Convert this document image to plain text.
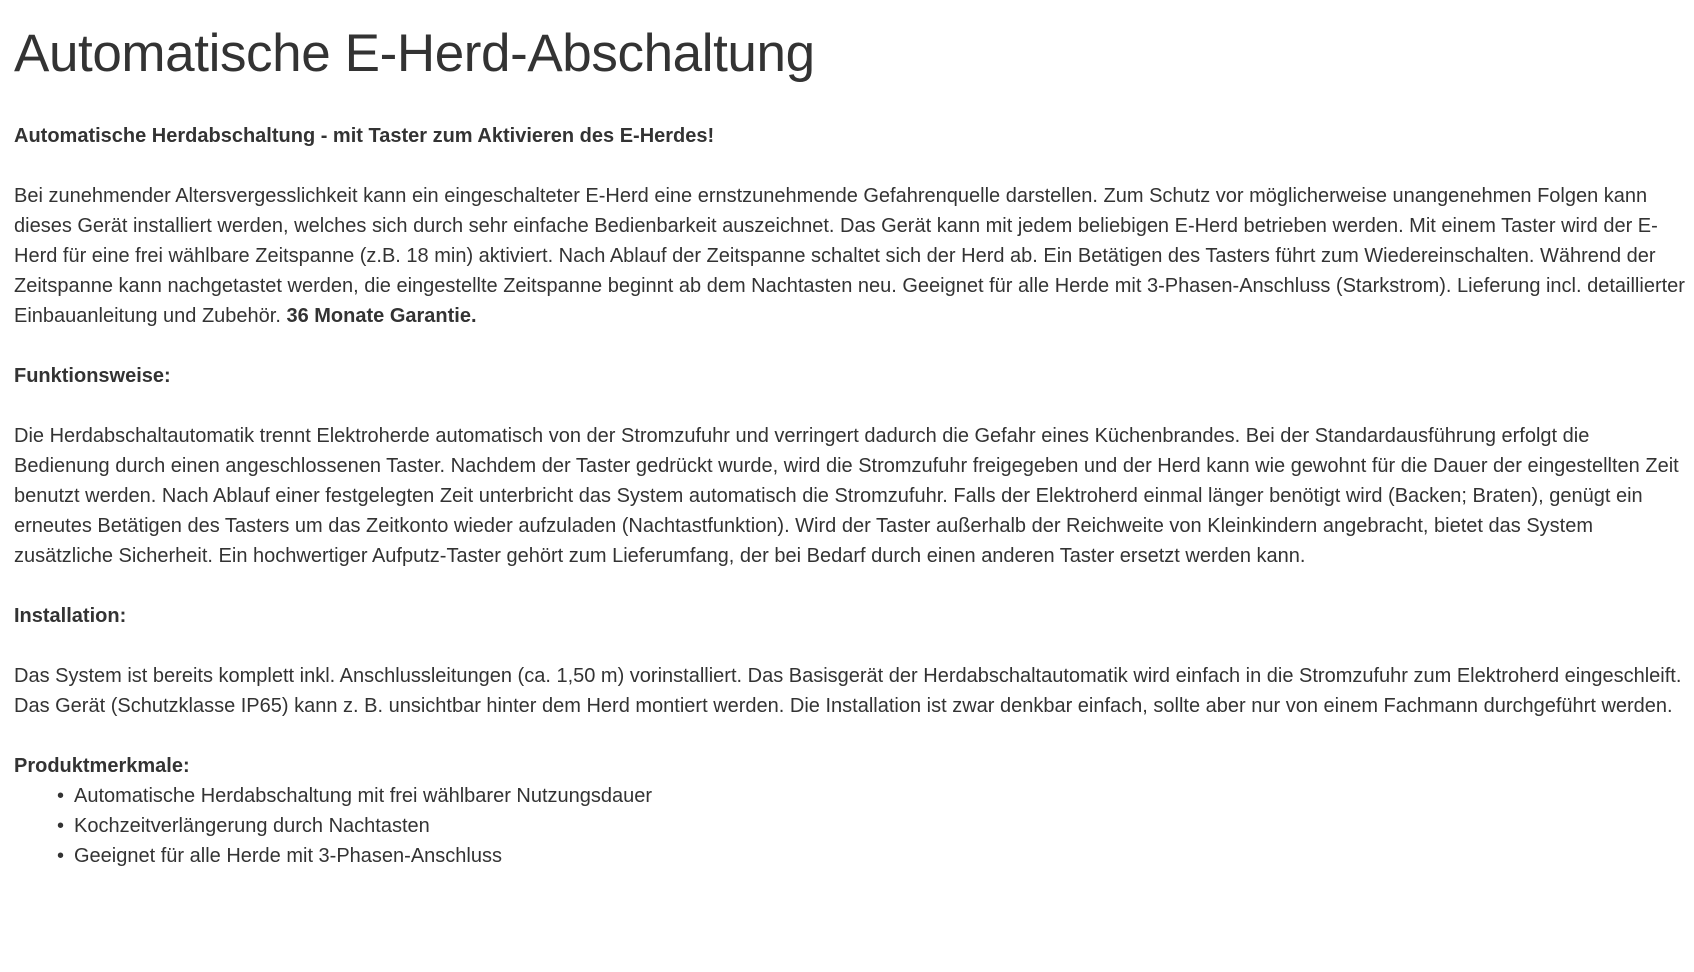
Automatische E-Herd-Abschaltung

Automatische Herdabschaltung - mit Taster zum Aktivieren des E-Herdes!

Bei zunehmender Altersvergesslichkeit kann ein eingeschalteter E-Herd eine ernstzunehmende Gefahrenquelle darstellen. Zum Schutz vor möglicherweise unangenehmen Folgen kann dieses Gerät installiert werden, welches sich durch sehr einfache Bedienbarkeit auszeichnet. Das Gerät kann mit jedem beliebigen E-Herd betrieben werden. Mit einem Taster wird der E-Herd für eine frei wählbare Zeitspanne (z.B. 18 min) aktiviert. Nach Ablauf der Zeitspanne schaltet sich der Herd ab. Ein Betätigen des Tasters führt zum Wiedereinschalten. Während der Zeitspanne kann nachgetastet werden, die eingestellte Zeitspanne beginnt ab dem Nachtasten neu. Geeignet für alle Herde mit 3-Phasen-Anschluss (Starkstrom). Lieferung incl. detaillierter Einbauanleitung und Zubehör. 36 Monate Garantie.

Funktionsweise:

Die Herdabschaltautomatik trennt Elektroherde automatisch von der Stromzufuhr und verringert dadurch die Gefahr eines Küchenbrandes. Bei der Standardausführung erfolgt die Bedienung durch einen angeschlossenen Taster. Nachdem der Taster gedrückt wurde, wird die Stromzufuhr freigegeben und der Herd kann wie gewohnt für die Dauer der eingestellten Zeit benutzt werden. Nach Ablauf einer festgelegten Zeit unterbricht das System automatisch die Stromzufuhr. Falls der Elektroherd einmal länger benötigt wird (Backen; Braten), genügt ein erneutes Betätigen des Tasters um das Zeitkonto wieder aufzuladen (Nachtastfunktion). Wird der Taster außerhalb der Reichweite von Kleinkindern angebracht, bietet das System zusätzliche Sicherheit. Ein hochwertiger Aufputz-Taster gehört zum Lieferumfang, der bei Bedarf durch einen anderen Taster ersetzt werden kann.

Installation:

Das System ist bereits komplett inkl. Anschlussleitungen (ca. 1,50 m) vorinstalliert. Das Basisgerät der Herdabschaltautomatik wird einfach in die Stromzufuhr zum Elektroherd eingeschleift. Das Gerät (Schutzklasse IP65) kann z. B. unsichtbar hinter dem Herd montiert werden. Die Installation ist zwar denkbar einfach, sollte aber nur von einem Fachmann durchgeführt werden.

Produktmerkmale:
• Automatische Herdabschaltung mit frei wählbarer Nutzungsdauer
• Kochzeitverlängerung durch Nachtasten
• Geeignet für alle Herde mit 3-Phasen-Anschluss
